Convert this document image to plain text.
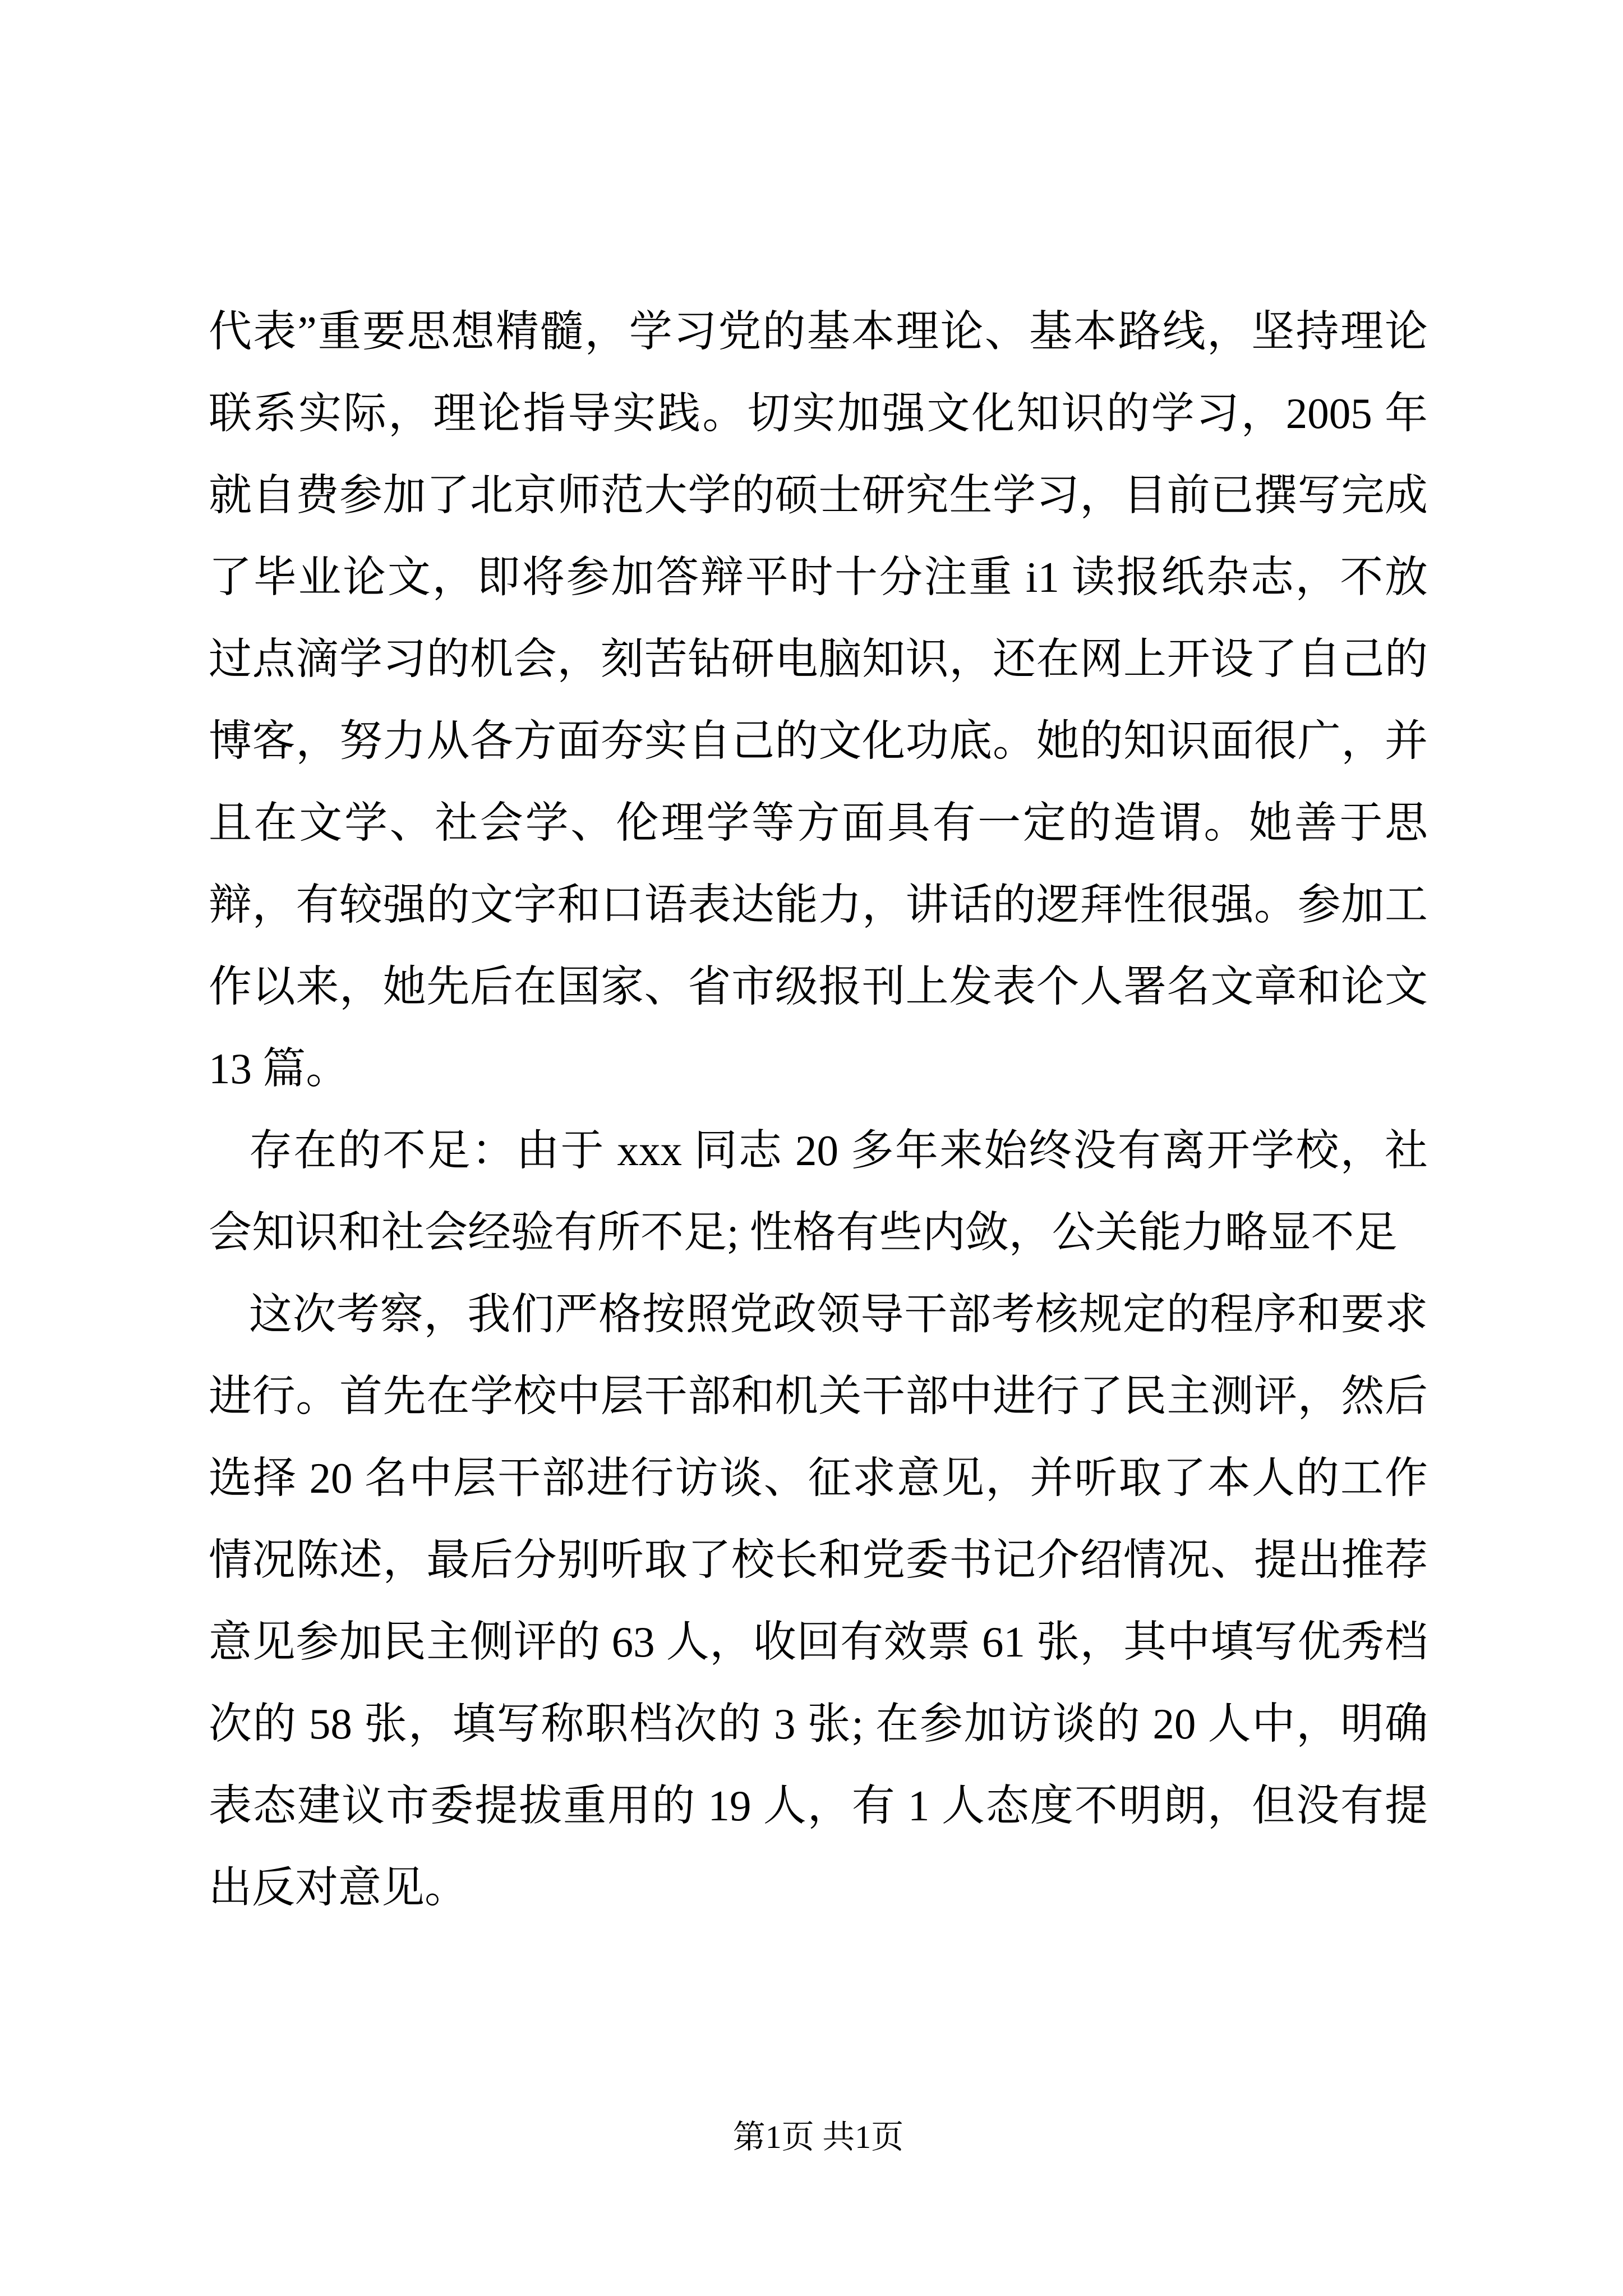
代表”重要思想精髓，学习党的基本理论、基本路线，坚持理论联系实际，理论指导实践。切实加强文化知识的学习，2005 年就自费参加了北京师范大学的硕士研究生学习，目前已撰写完成了毕业论文，即将参加答辩平时十分注重 i1 读报纸杂志，不放过点滴学习的机会，刻苦钻研电脑知识，还在网上开设了自己的博客，努力从各方面夯实自己的文化功底。她的知识面很广，并且在文学、社会学、伦理学等方面具有一定的造谓。她善于思辩，有较强的文字和口语表达能力，讲话的逻拜性很强。参加工作以来，她先后在国家、省市级报刊上发表个人署名文章和论文 13 篇。

存在的不足：由于 xxx 同志 20 多年来始终没有离开学校，社会知识和社会经验有所不足; 性格有些内敛，公关能力略显不足

这次考察，我们严格按照党政领导干部考核规定的程序和要求进行。首先在学校中层干部和机关干部中进行了民主测评，然后选择 20 名中层干部进行访谈、征求意见，并听取了本人的工作情况陈述，最后分别听取了校长和党委书记介绍情况、提出推荐意见参加民主侧评的 63 人，收回有效票 61 张，其中填写优秀档次的 58 张，填写称职档次的 3 张; 在参加访谈的 20 人中，明确表态建议市委提拔重用的 19 人，有 1 人态度不明朗，但没有提出反对意见。

第1页 共1页
